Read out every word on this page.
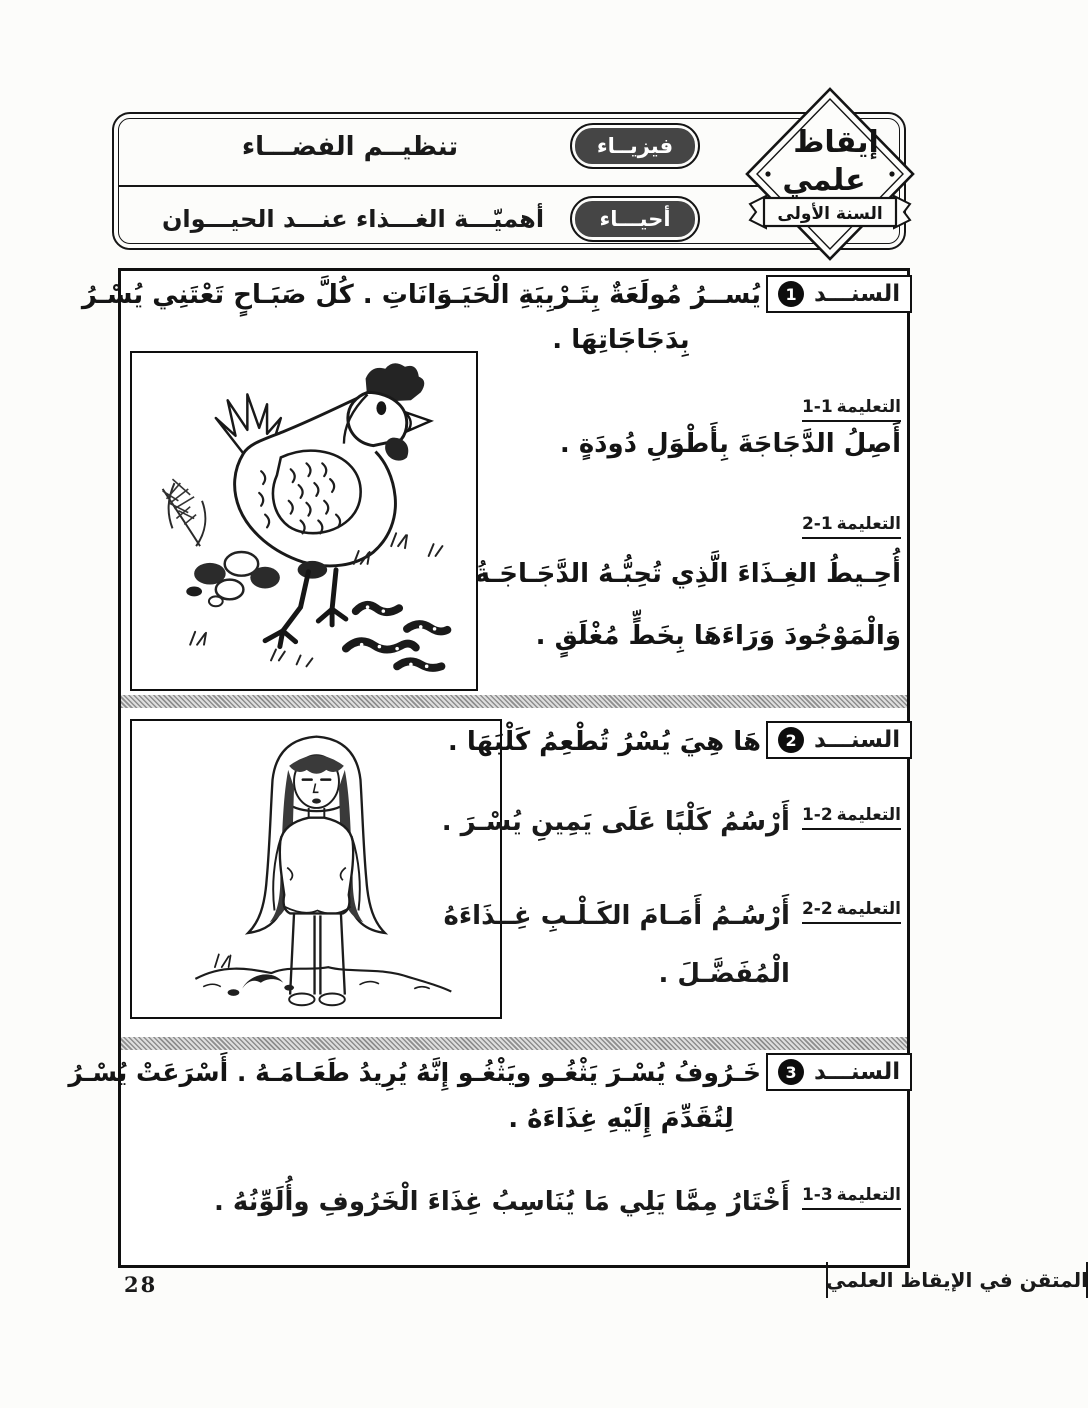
فيزيــاء
تنظيــم الفضـــاء
أحيـــاء
أهميّـــة الغـــذاء عنـــد الحيـــوان
إيقاظ
علمي
السنة الأولى
السنـــد
1
يُســرُ مُولَعَةٌ بِتَـرْبِيَةِ الْحَيَـوَانَاتِ . كُلَّ صَبَـاحٍ تَعْتَنِي يُسْـرُ
بِدَجَاجَاتِهَا .
التعليمة
1-1
أَصِلُ الدَّجَاجَةَ بِأَطْوَلِ دُودَةٍ .
التعليمة
2-1
أُحِـيطُ الغِـذَاءَ الَّذِي تُحِبُّـهُ الدَّجَـاجَـةُ
وَالْمَوْجُودَ وَرَاءَهَا بِخَطٍّ مُغْلَقٍ .
السنـــد
2
هَا هِيَ يُسْرُ تُطْعِمُ كَلْبَهَا .
التعليمة
1-2
أَرْسُمُ كَلْبًا عَلَى يَمِينِ يُسْـرَ .
التعليمة
2-2
أَرْسُـمُ أَمَـامَ الكَـلْـبِ غِــذَاءَهُ
الْمُفَضَّـلَ .
السنـــد
3
خَـرُوفُ يُسْـرَ يَثْغُـو ويَثْغُـو إِنَّهُ يُرِيدُ طَعَـامَـهُ . أَسْرَعَتْ يُسْـرُ
لِتُقَدِّمَ إِلَيْهِ غِذَاءَهُ .
التعليمة
1-3
أَخْتَارُ مِمَّا يَلِي مَا يُنَاسِبُ غِذَاءَ الْخَرُوفِ وأُلَوِّنُهُ .
28	المتقن في الإيقاظ العلمي
